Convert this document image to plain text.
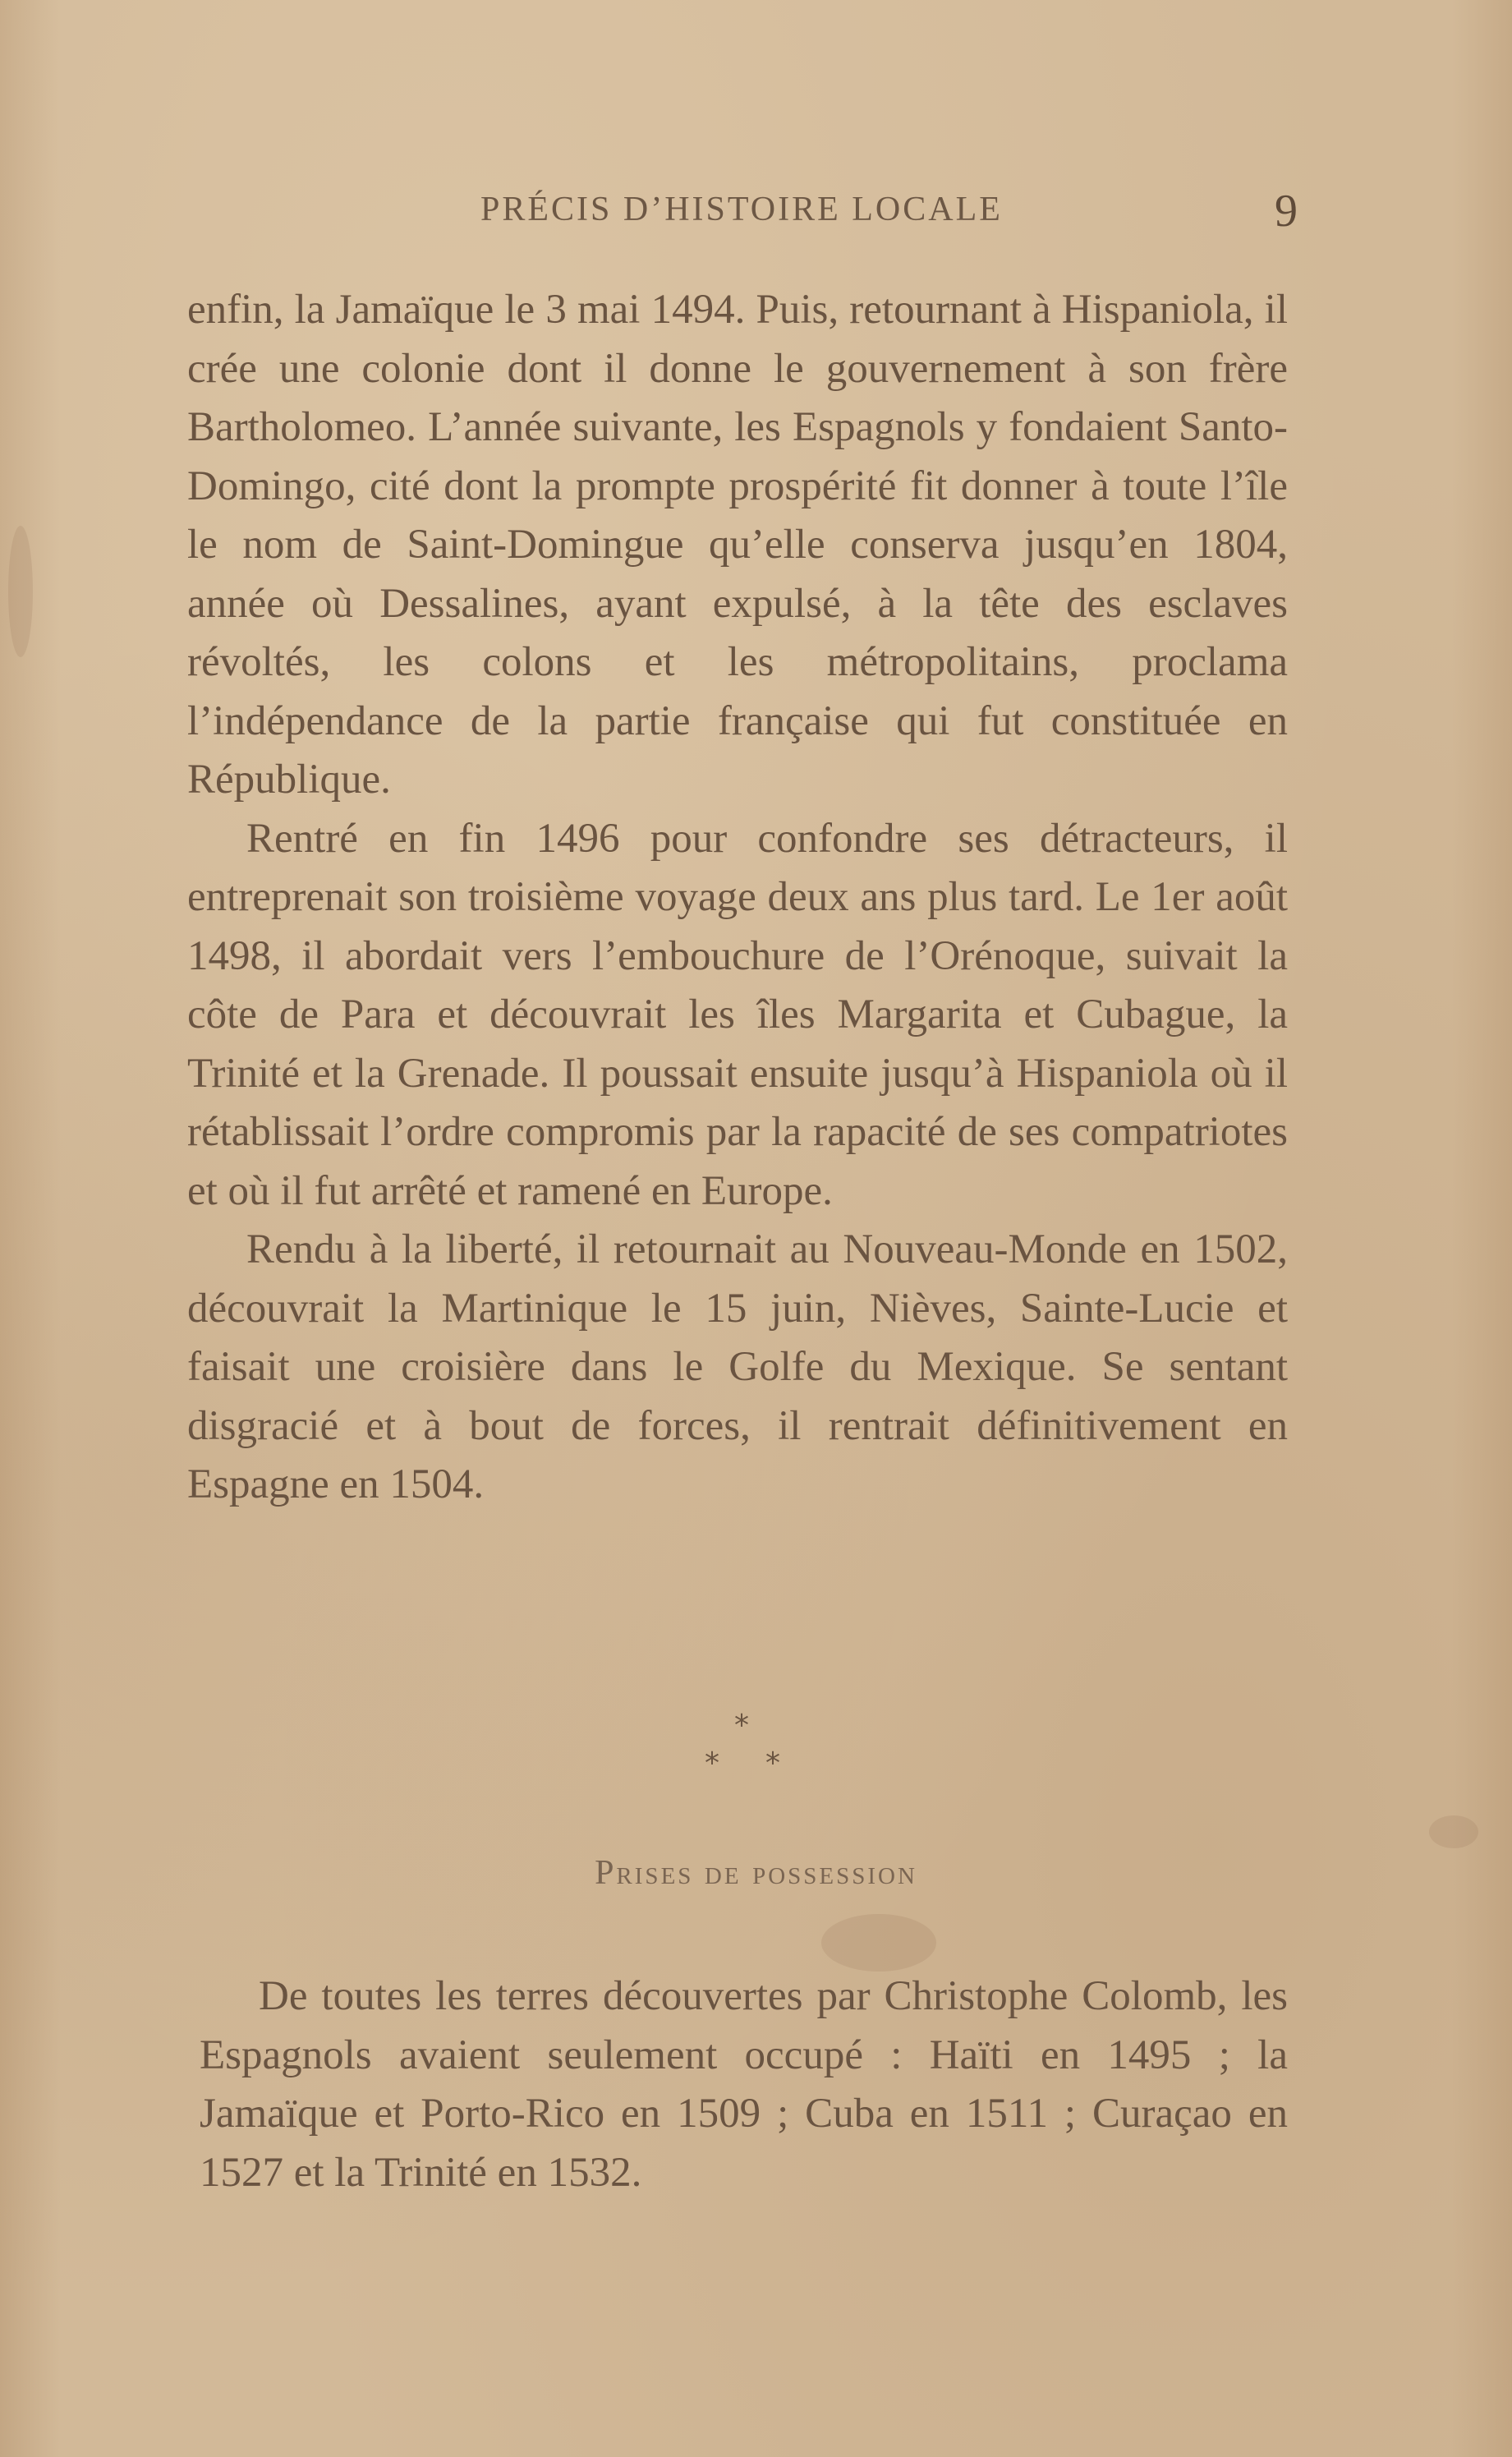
PRÉCIS D’HISTOIRE LOCALE	9

enfin, la Jamaïque le 3 mai 1494. Puis, retournant à Hispaniola, il crée une colonie dont il donne le gouvernement à son frère Bartholomeo. L’année suivante, les Espagnols y fondaient Santo-Domingo, cité dont la prompte prospérité fit donner à toute l’île le nom de Saint-Domingue qu’elle conserva jusqu’en 1804, année où Dessalines, ayant expulsé, à la tête des esclaves révoltés, les colons et les métropolitains, proclama l’indépendance de la partie française qui fut constituée en République.

Rentré en fin 1496 pour confondre ses détracteurs, il entreprenait son troisième voyage deux ans plus tard. Le 1er août 1498, il abordait vers l’embouchure de l’Orénoque, suivait la côte de Para et découvrait les îles Margarita et Cubague, la Trinité et la Grenade. Il poussait ensuite jusqu’à Hispaniola où il rétablissait l’ordre compromis par la rapacité de ses compatriotes et où il fut arrêté et ramené en Europe.

Rendu à la liberté, il retournait au Nouveau-Monde en 1502, découvrait la Martinique le 15 juin, Nièves, Sainte-Lucie et faisait une croisière dans le Golfe du Mexique. Se sentant disgracié et à bout de forces, il rentrait définitivement en Espagne en 1504.

*
* *
Prises de possession

De toutes les terres découvertes par Christophe Colomb, les Espagnols avaient seulement occupé : Haïti en 1495 ; la Jamaïque et Porto-Rico en 1509 ; Cuba en 1511 ; Curaçao en 1527 et la Trinité en 1532.
